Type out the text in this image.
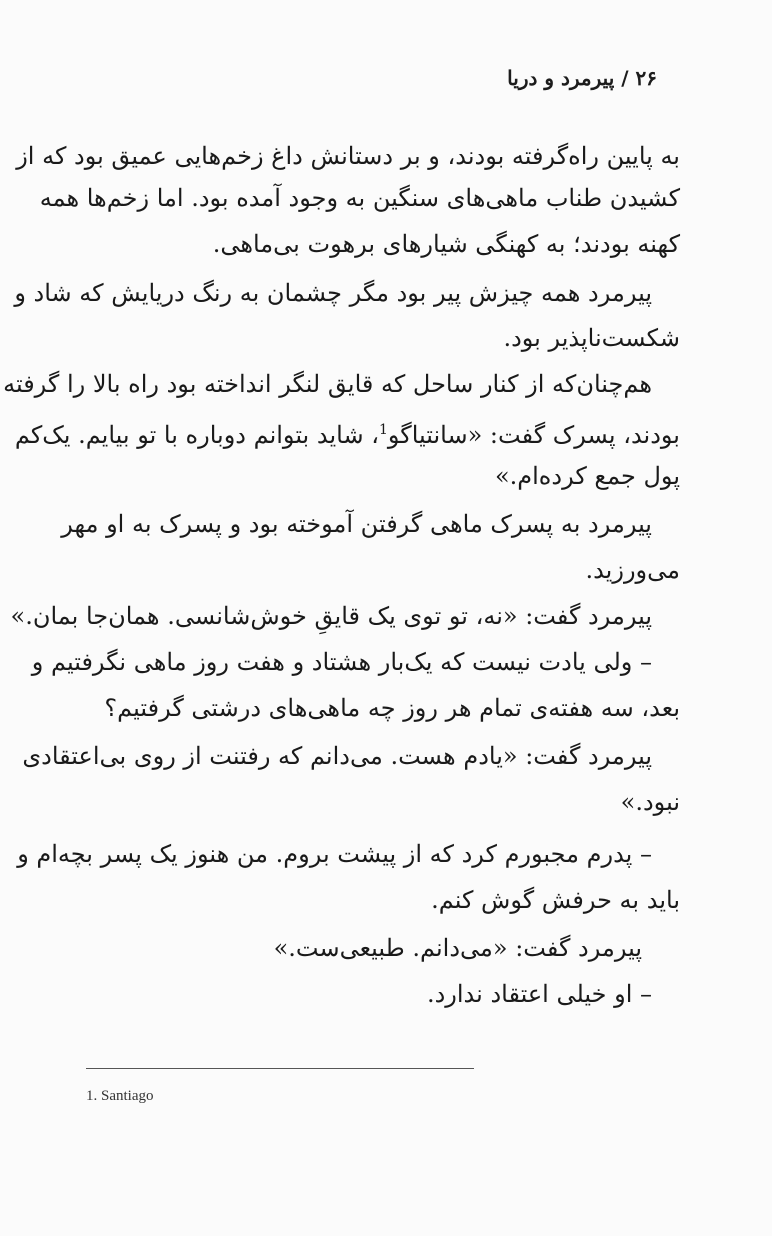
۲۶ / پیرمرد و دریا
به پایین راه‌گرفته بودند، و بر دستانش داغ زخم‌هایی عمیق بود که از
کشیدن طناب ماهی‌های سنگین به وجود آمده بود. اما زخم‌ها همه
کهنه بودند؛ به کهنگی شیارهای برهوت بی‌ماهی.
پیرمرد همه چیزش پیر بود مگر چشمان به رنگ دریایش که شاد و
شکست‌ناپذیر بود.
هم‌چنان‌که از کنار ساحل که قایق لنگر انداخته بود راه بالا را گرفته
بودند، پسرک گفت: «سانتیاگو$^1$، شاید بتوانم دوباره با تو بیایم. یک‌کم
پول جمع کرده‌ام.»
پیرمرد به پسرک ماهی گرفتن آموخته بود و پسرک به او مهر
می‌ورزید.
پیرمرد گفت: «نه، تو توی یک قایقِ خوش‌شانسی. همان‌جا بمان.»
– ولی یادت نیست که یک‌بار هشتاد و هفت روز ماهی نگرفتیم و
بعد، سه هفته‌ی تمام هر روز چه ماهی‌های درشتی گرفتیم؟
پیرمرد گفت: «یادم هست. می‌دانم که رفتنت از روی بی‌اعتقادی
نبود.»
– پدرم مجبورم کرد که از پیشت بروم. من هنوز یک پسر بچه‌ام و
باید به حرفش گوش کنم.
پیرمرد گفت: «می‌دانم. طبیعی‌ست.»
– او خیلی اعتقاد ندارد.
1. Santiago
